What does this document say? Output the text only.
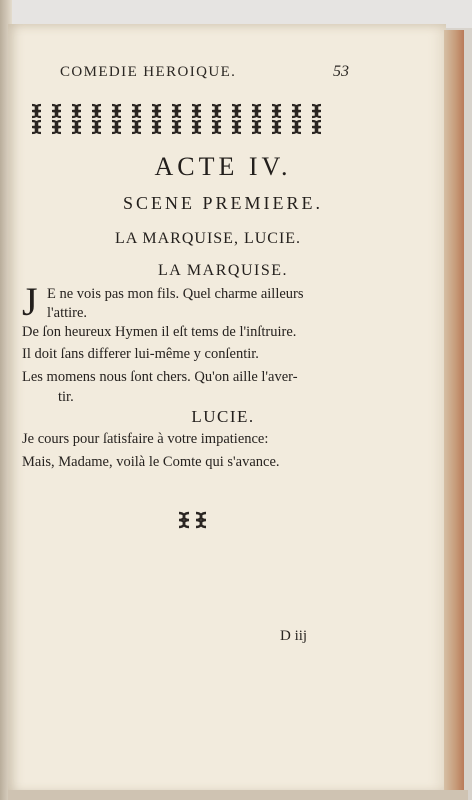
COMEDIE HEROIQUE.	53
ACTE IV.
SCENE PREMIERE.
LA MARQUISE, LUCIE.
LA MARQUISE.
J E ne vois pas mon fils. Quel charme ailleurs
l'attire.
De ſon heureux Hymen il eſt tems de l'inſtruire.
Il doit ſans differer lui-même y conſentir.
Les momens nous ſont chers. Qu'on aille l'aver-
tir.
LUCIE.
Je cours pour ſatisfaire à votre impatience:
Mais, Madame, voilà le Comte qui s'avance.
D iij
